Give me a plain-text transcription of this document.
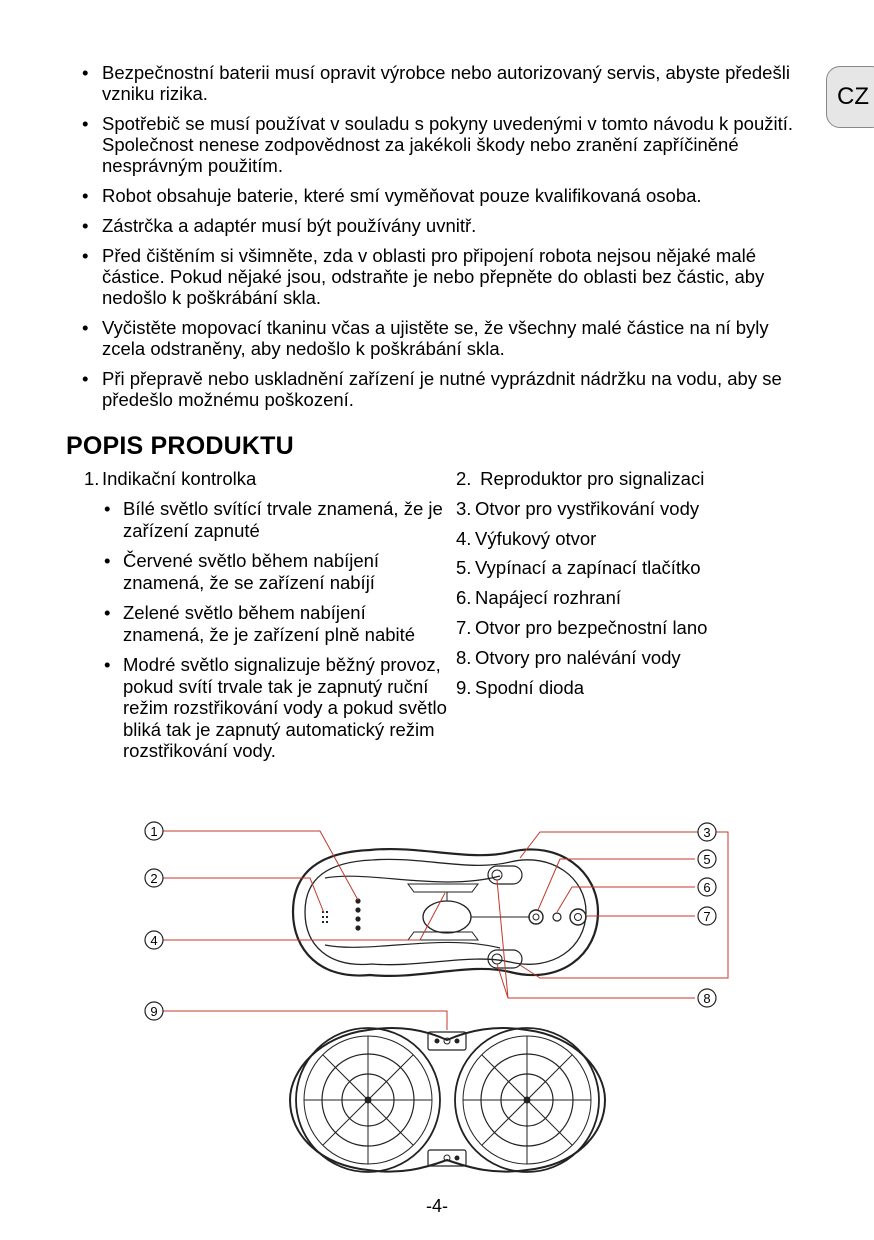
CZ
• Bezpečnostní baterii musí opravit výrobce nebo autorizovaný servis, abyste předešli vzniku rizika.
• Spotřebič se musí používat v souladu s pokyny uvedenými v tomto návodu k použití. Společnost nenese zodpovědnost za jakékoli škody nebo zranění zapříčiněné nesprávným použitím.
• Robot obsahuje baterie, které smí vyměňovat pouze kvalifikovaná osoba.
• Zástrčka a adaptér musí být používány uvnitř.
• Před čištěním si všimněte, zda v oblasti pro připojení robota nejsou nějaké malé částice. Pokud nějaké jsou, odstraňte je nebo přepněte do oblasti bez částic, aby nedošlo k poškrábání skla.
• Vyčistěte mopovací tkaninu včas a ujistěte se, že všechny malé částice na ní byly zcela odstraněny, aby nedošlo k poškrábání skla.
• Při přepravě nebo uskladnění zařízení je nutné vyprázdnit nádržku na vodu, aby se předešlo možnému poškození.
POPIS PRODUKTU
1. Indikační kontrolka
• Bílé světlo svítící trvale znamená, že je zařízení zapnuté
• Červené světlo během nabíjení znamená, že se zařízení nabíjí
• Zelené světlo během nabíjení znamená, že je zařízení plně nabité
• Modré světlo signalizuje běžný provoz, pokud svítí trvale tak je zapnutý ruční režim rozstřikování vody a pokud světlo bliká tak je zapnutý automatický režim rozstřikování vody.
2. Reproduktor pro signalizaci
3. Otvor pro vystřikování vody
4. Výfukový otvor
5. Vypínací a zapínací tlačítko
6. Napájecí rozhraní
7. Otvor pro bezpečnostní lano
8. Otvory pro nalévání vody
9. Spodní dioda
1
2
3
4
5
6
7
8
9
-4-
